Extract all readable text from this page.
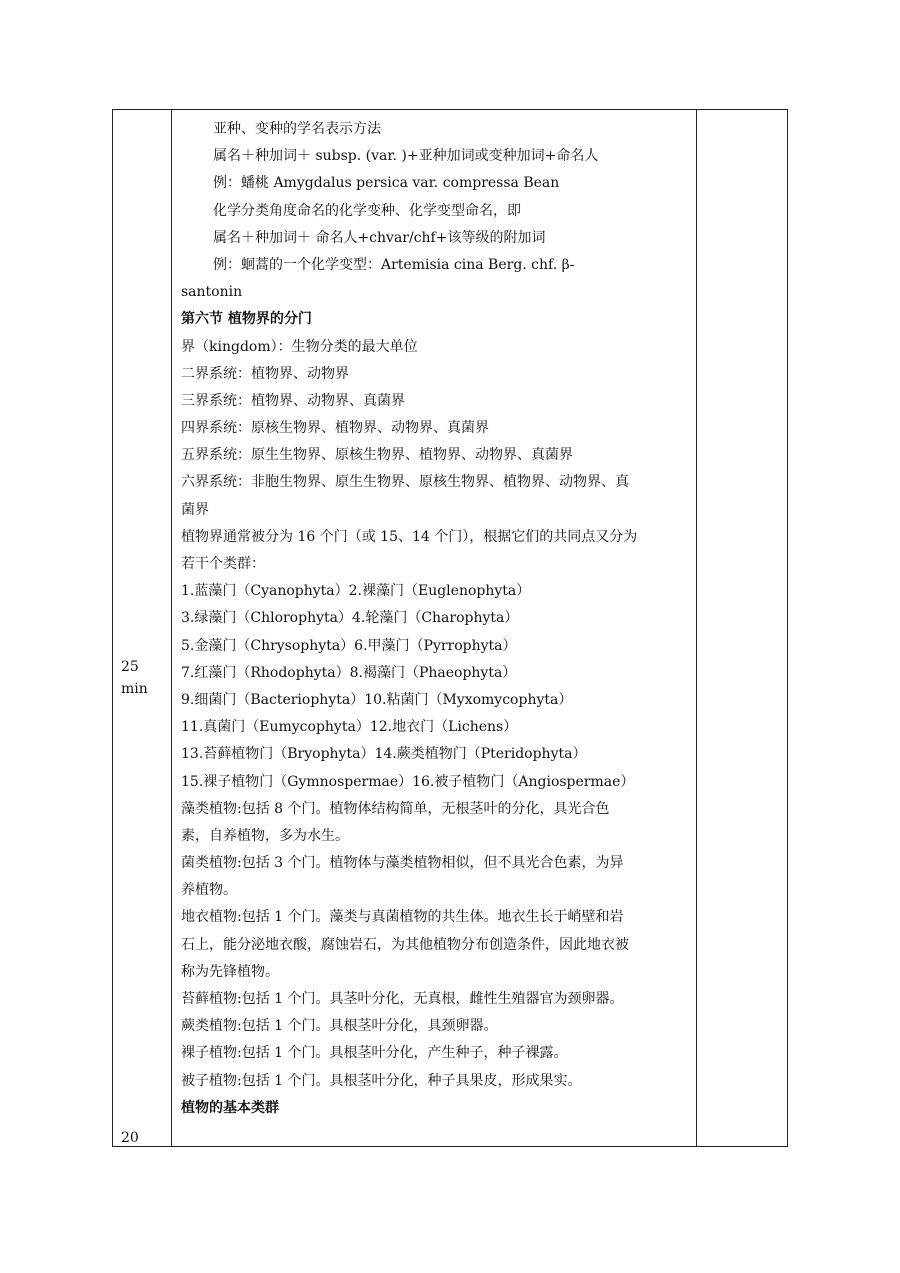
25
min
20
亚种、变种的学名表示方法
属名＋种加词＋ subsp. (var. )+亚种加词或变种加词+命名人
例：蟠桃 Amygdalus persica var. compressa Bean
化学分类角度命名的化学变种、化学变型命名，即
属名＋种加词＋ 命名人+chvar/chf+该等级的附加词
例：蛔蒿的一个化学变型：Artemisia cina Berg. chf. β-
santonin
第六节 植物界的分门
界（kingdom）：生物分类的最大单位
二界系统：植物界、动物界
三界系统：植物界、动物界、真菌界
四界系统：原核生物界、植物界、动物界、真菌界
五界系统：原生生物界、原核生物界、植物界、动物界、真菌界
六界系统：非胞生物界、原生生物界、原核生物界、植物界、动物界、真
菌界
植物界通常被分为 16 个门（或 15、14 个门），根据它们的共同点又分为
若干个类群：
1.蓝藻门（Cyanophyta）2.裸藻门（Euglenophyta）
3.绿藻门（Chlorophyta）4.轮藻门（Charophyta）
5.金藻门（Chrysophyta）6.甲藻门（Pyrrophyta）
7.红藻门（Rhodophyta）8.褐藻门（Phaeophyta）
9.细菌门（Bacteriophyta）10.粘菌门（Myxomycophyta）
11.真菌门（Eumycophyta）12.地衣门（Lichens）
13.苔藓植物门（Bryophyta）14.蕨类植物门（Pteridophyta）
15.裸子植物门（Gymnospermae）16.被子植物门（Angiospermae）
藻类植物:包括 8 个门。植物体结构简单，无根茎叶的分化，具光合色
素，自养植物，多为水生。
菌类植物:包括 3 个门。植物体与藻类植物相似，但不具光合色素，为异
养植物。
地衣植物:包括 1 个门。藻类与真菌植物的共生体。地衣生长于峭壁和岩
石上，能分泌地衣酸，腐蚀岩石，为其他植物分布创造条件，因此地衣被
称为先锋植物。
苔藓植物:包括 1 个门。具茎叶分化，无真根，雌性生殖器官为颈卵器。
蕨类植物:包括 1 个门。具根茎叶分化，具颈卵器。
裸子植物:包括 1 个门。具根茎叶分化，产生种子，种子裸露。
被子植物:包括 1 个门。具根茎叶分化，种子具果皮，形成果实。
植物的基本类群
